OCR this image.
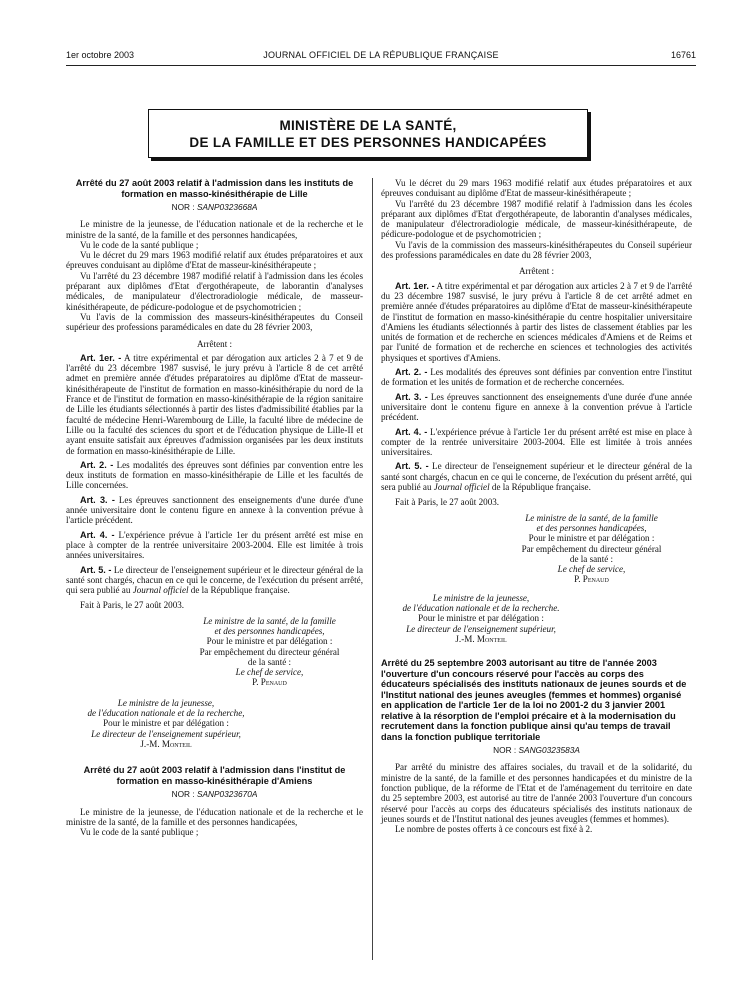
1er octobre 2003	JOURNAL OFFICIEL DE LA RÉPUBLIQUE FRANÇAISE	16761
MINISTÈRE DE LA SANTÉ,
DE LA FAMILLE ET DES PERSONNES HANDICAPÉES
Arrêté du 27 août 2003 relatif à l'admission dans les instituts de formation en masso-kinésithérapie de Lille
NOR : SANP0323668A

Le ministre de la jeunesse, de l'éducation nationale et de la recherche et le ministre de la santé, de la famille et des personnes handicapées,

Vu le code de la santé publique ;

Vu le décret du 29 mars 1963 modifié relatif aux études préparatoires et aux épreuves conduisant au diplôme d'Etat de masseur-kinésithérapeute ;

Vu l'arrêté du 23 décembre 1987 modifié relatif à l'admission dans les écoles préparant aux diplômes d'Etat d'ergothérapeute, de laborantin d'analyses médicales, de manipulateur d'électroradiologie médicale, de masseur-kinésithérapeute, de pédicure-podologue et de psychomotricien ;

Vu l'avis de la commission des masseurs-kinésithérapeutes du Conseil supérieur des professions paramédicales en date du 28 février 2003,

Arrêtent :

Art. 1er. - A titre expérimental et par dérogation aux articles 2 à 7 et 9 de l'arrêté du 23 décembre 1987 susvisé, le jury prévu à l'article 8 de cet arrêté admet en première année d'études préparatoires au diplôme d'Etat de masseur-kinésithérapeute de l'institut de formation en masso-kinésithérapie du nord de la France et de l'institut de formation en masso-kinésithérapie de la région sanitaire de Lille les étudiants sélectionnés à partir des listes d'admissibilité établies par la faculté de médecine Henri-Warembourg de Lille, la faculté libre de médecine de Lille ou la faculté des sciences du sport et de l'éducation physique de Lille-II et ayant ensuite satisfait aux épreuves d'admission organisées par les deux instituts de formation en masso-kinésithérapie de Lille.

Art. 2. - Les modalités des épreuves sont définies par convention entre les deux instituts de formation en masso-kinésithérapie de Lille et les facultés de Lille concernées.

Art. 3. - Les épreuves sanctionnent des enseignements d'une durée d'une année universitaire dont le contenu figure en annexe à la convention prévue à l'article précédent.

Art. 4. - L'expérience prévue à l'article 1er du présent arrêté est mise en place à compter de la rentrée universitaire 2003-2004. Elle est limitée à trois années universitaires.

Art. 5. - Le directeur de l'enseignement supérieur et le directeur général de la santé sont chargés, chacun en ce qui le concerne, de l'exécution du présent arrêté, qui sera publié au Journal officiel de la République française.

Fait à Paris, le 27 août 2003.

Le ministre de la santé, de la famille
et des personnes handicapées,
Pour le ministre et par délégation :
Par empêchement du directeur général
de la santé :
Le chef de service,
P. Penaud
Le ministre de la jeunesse,
de l'éducation nationale et de la recherche,
Pour le ministre et par délégation :
Le directeur de l'enseignement supérieur,
J.-M. Monteil
Arrêté du 27 août 2003 relatif à l'admission dans l'institut de formation en masso-kinésithérapie d'Amiens
NOR : SANP0323670A

Le ministre de la jeunesse, de l'éducation nationale et de la recherche et le ministre de la santé, de la famille et des personnes handicapées,

Vu le code de la santé publique ;

Vu le décret du 29 mars 1963 modifié relatif aux études préparatoires et aux épreuves conduisant au diplôme d'Etat de masseur-kinésithérapeute ;

Vu l'arrêté du 23 décembre 1987 modifié relatif à l'admission dans les écoles préparant aux diplômes d'Etat d'ergothérapeute, de laborantin d'analyses médicales, de manipulateur d'électroradiologie médicale, de masseur-kinésithérapeute, de pédicure-podologue et de psychomotricien ;

Vu l'avis de la commission des masseurs-kinésithérapeutes du Conseil supérieur des professions paramédicales en date du 28 février 2003,

Arrêtent :

Art. 1er. - A titre expérimental et par dérogation aux articles 2 à 7 et 9 de l'arrêté du 23 décembre 1987 susvisé, le jury prévu à l'article 8 de cet arrêté admet en première année d'études préparatoires au diplôme d'Etat de masseur-kinésithérapeute de l'institut de formation en masso-kinésithérapie du centre hospitalier universitaire d'Amiens les étudiants sélectionnés à partir des listes de classement établies par les unités de formation et de recherche en sciences médicales d'Amiens et de Reims et par l'unité de formation et de recherche en sciences et technologies des activités physiques et sportives d'Amiens.

Art. 2. - Les modalités des épreuves sont définies par convention entre l'institut de formation et les unités de formation et de recherche concernées.

Art. 3. - Les épreuves sanctionnent des enseignements d'une durée d'une année universitaire dont le contenu figure en annexe à la convention prévue à l'article précédent.

Art. 4. - L'expérience prévue à l'article 1er du présent arrêté est mise en place à compter de la rentrée universitaire 2003-2004. Elle est limitée à trois années universitaires.

Art. 5. - Le directeur de l'enseignement supérieur et le directeur général de la santé sont chargés, chacun en ce qui le concerne, de l'exécution du présent arrêté, qui sera publié au Journal officiel de la République française.

Fait à Paris, le 27 août 2003.

Le ministre de la santé, de la famille
et des personnes handicapées,
Pour le ministre et par délégation :
Par empêchement du directeur général
de la santé :
Le chef de service,
P. Penaud
Le ministre de la jeunesse,
de l'éducation nationale et de la recherche.
Pour le ministre et par délégation :
Le directeur de l'enseignement supérieur,
J.-M. Monteil
Arrêté du 25 septembre 2003 autorisant au titre de l'année 2003 l'ouverture d'un concours réservé pour l'accès au corps des éducateurs spécialisés des instituts nationaux de jeunes sourds et de l'Institut national des jeunes aveugles (femmes et hommes) organisé en application de l'article 1er de la loi no 2001-2 du 3 janvier 2001 relative à la résorption de l'emploi précaire et à la modernisation du recrutement dans la fonction publique ainsi qu'au temps de travail dans la fonction publique territoriale
NOR : SANG0323583A

Par arrêté du ministre des affaires sociales, du travail et de la solidarité, du ministre de la santé, de la famille et des personnes handicapées et du ministre de la fonction publique, de la réforme de l'Etat et de l'aménagement du territoire en date du 25 septembre 2003, est autorisé au titre de l'année 2003 l'ouverture d'un concours réservé pour l'accès au corps des éducateurs spécialisés des instituts nationaux de jeunes sourds et de l'Institut national des jeunes aveugles (femmes et hommes).

Le nombre de postes offerts à ce concours est fixé à 2.
